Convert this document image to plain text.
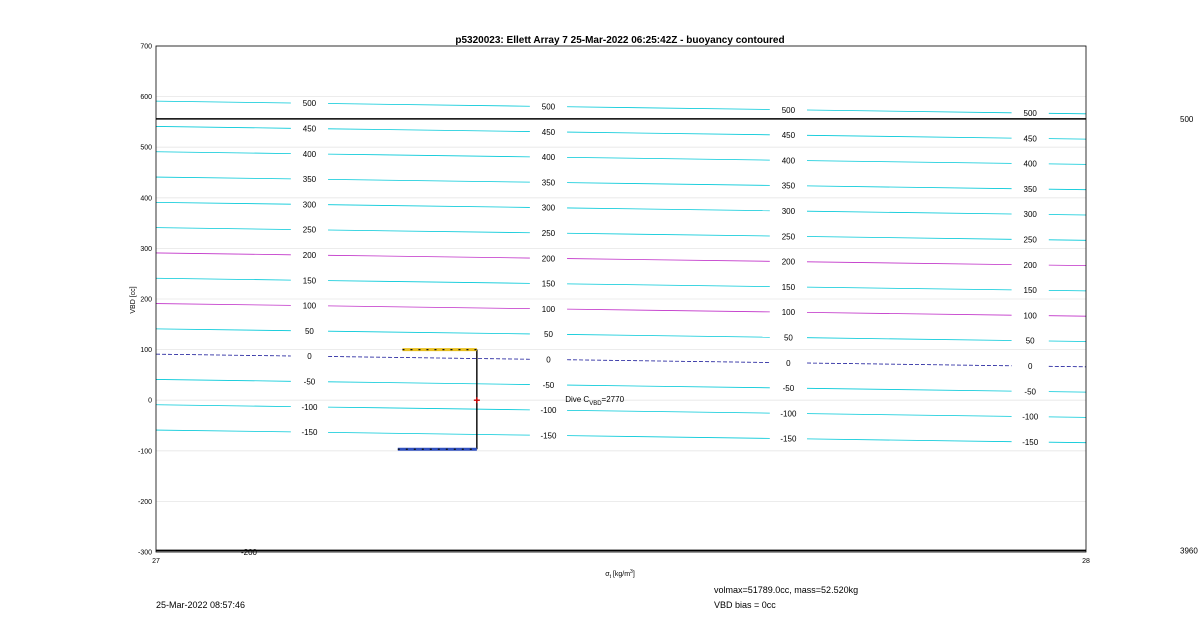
500	500	500	500
450	450	450	450
400	400	400	400
350	350	350	350
300	300	300	300
250	250	250	250
200	200	200	200
150	150	150	150
100	100	100	100
50	50	50	50
0	0	0	0
-50	-50	-50	-50
-100	-100	-100	-100
-150	-150	-150	-150
-200
500
3960
700
600
500
400
300
200
100
0
-100
-200
-300
27	28
p5320023: Ellett Array 7 25-Mar-2022 06:25:42Z - buoyancy contoured
VBD [cc]
$\sigma_t$ $[kg/m^3]$
Dive $C_{VBD}=2770$
25-Mar-2022 08:57:46
volmax=51789.0cc, mass=52.520kg
VBD bias = 0cc
